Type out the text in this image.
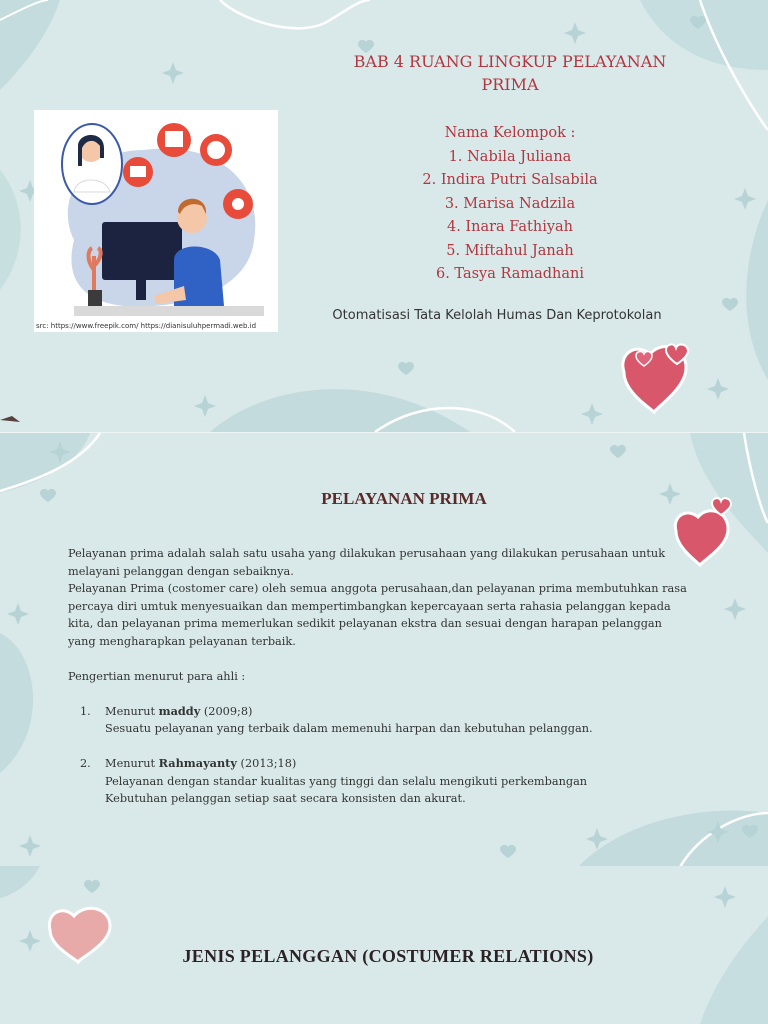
src: https://www.freepik.com/ https://dianisuluhpermadi.web.id
BAB 4 RUANG LINGKUP PELAYANAN
PRIMA
Nama Kelompok :
1. Nabila Juliana
2. Indira Putri Salsabila
3. Marisa Nadzila
4. Inara Fathiyah
5. Miftahul Janah
6. Tasya Ramadhani
Otomatisasi Tata Kelolah Humas Dan Keprotokolan
PELAYANAN PRIMA

Pelayanan prima adalah salah satu usaha yang dilakukan perusahaan yang dilakukan perusahaan untuk melayani pelanggan dengan sebaiknya.

Pelayanan Prima (costomer care) oleh semua anggota perusahaan,dan pelayanan prima membutuhkan rasa percaya diri umtuk menyesuaikan dan mempertimbangkan kepercayaan serta rahasia pelanggan kepada kita, dan pelayanan prima memerlukan sedikit pelayanan ekstra dan sesuai dengan harapan pelanggan yang mengharapkan pelayanan terbaik.

Pengertian menurut para ahli :

1. Menurut maddy (2009;8)
Sesuatu pelayanan yang terbaik dalam memenuhi harpan dan kebutuhan pelanggan.
2. Menurut Rahmayanty (2013;18)
Pelayanan dengan standar kualitas yang tinggi dan selalu mengikuti perkembangan
Kebutuhan pelanggan setiap saat secara konsisten dan akurat.
JENIS PELANGGAN (COSTUMER RELATIONS)
